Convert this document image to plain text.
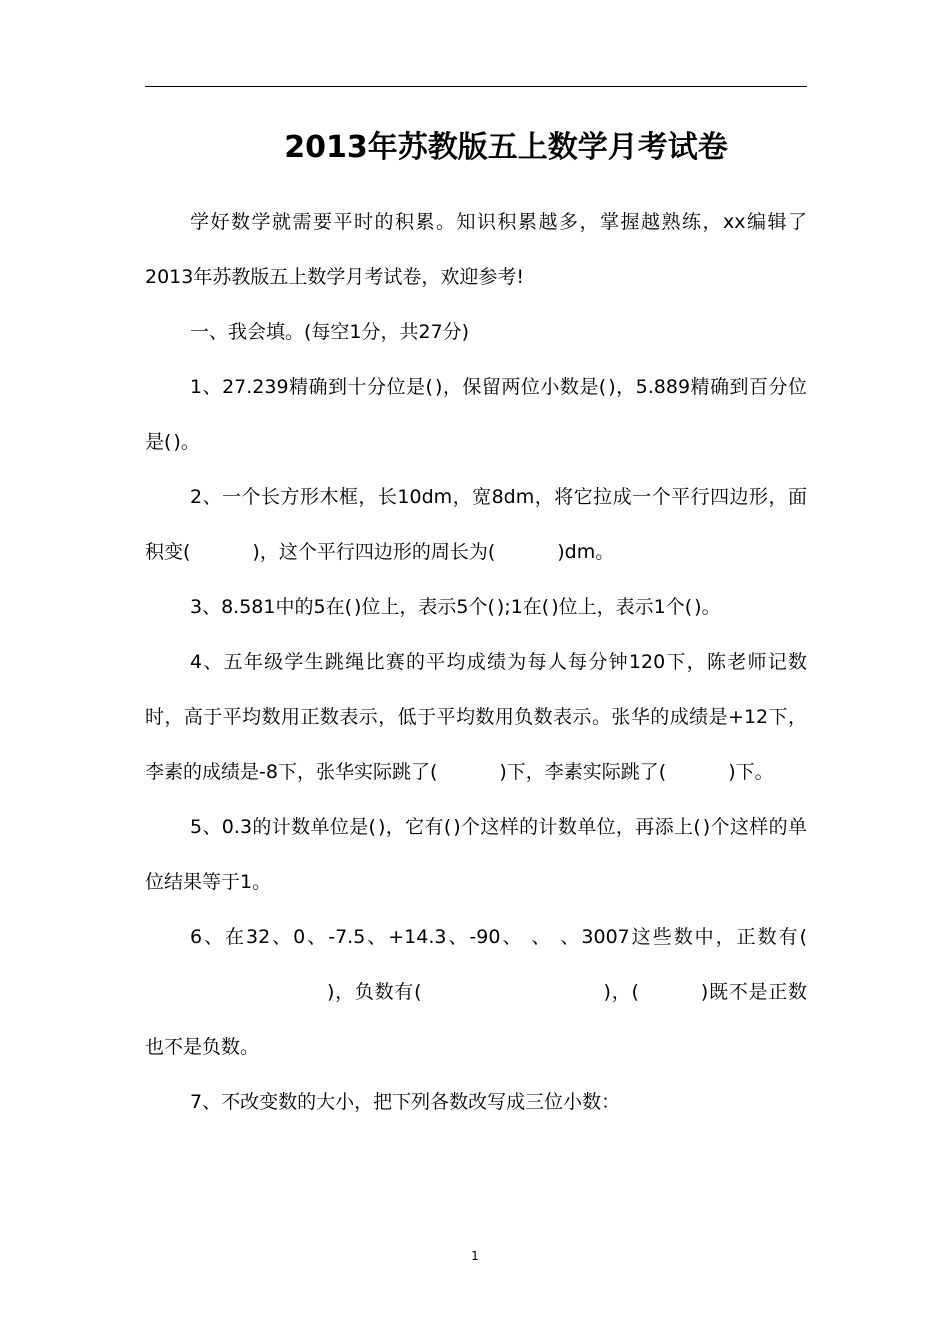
2013年苏教版五上数学月考试卷

学好数学就需要平时的积累。知识积累越多，掌握越熟练，xx编辑了2013年苏教版五上数学月考试卷，欢迎参考!

一、我会填。(每空1分，共27分)

1、27.239精确到十分位是( )，保留两位小数是( )，5.889精确到百分位是( )。

2、一个长方形木框，长10dm，宽8dm，将它拉成一个平行四边形，面积变(	)，这个平行四边形的周长为(	)dm。

3、8.581中的5在( )位上，表示5个( );1在( )位上，表示1个( )。

4、五年级学生跳绳比赛的平均成绩为每人每分钟120下，陈老师记数时，高于平均数用正数表示，低于平均数用负数表示。张华的成绩是+12下，李素的成绩是-8下，张华实际跳了(	)下，李素实际跳了(	)下。

5、0.3的计数单位是( )，它有( )个这样的计数单位，再添上( )个这样的单位结果等于1。

6、在32、0、-7.5、+14.3、-90、 、 、3007这些数中，正数有()，负数有(	)，(	)既不是正数也不是负数。

7、不改变数的大小，把下列各数改写成三位小数：

1
